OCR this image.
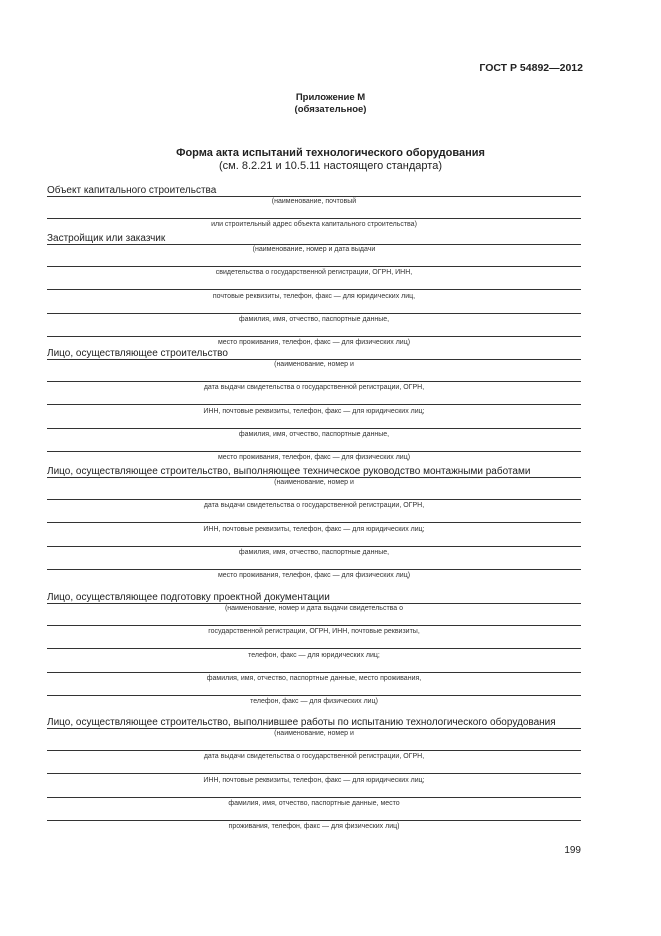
ГОСТ Р 54892—2012
Приложение М
(обязательное)
Форма акта испытаний технологического оборудования
(см. 8.2.21 и 10.5.11 настоящего стандарта)
Объект капитального строительства
(наименование, почтовый
или строительный адрес объекта капитального строительства)
Застройщик или заказчик
(наименование, номер и дата выдачи
свидетельства о государственной регистрации, ОГРН, ИНН,
почтовые реквизиты, телефон, факс — для юридических лиц,
фамилия, имя, отчество, паспортные данные,
место проживания, телефон, факс — для физических лиц)
Лицо, осуществляющее строительство
(наименование, номер и
дата выдачи свидетельства о государственной регистрации, ОГРН,
ИНН, почтовые реквизиты, телефон, факс — для юридических лиц;
фамилия, имя, отчество, паспортные данные,
место проживания, телефон, факс — для физических лиц)
Лицо, осуществляющее строительство, выполняющее техническое руководство монтажными работами
(наименование, номер и
дата выдачи свидетельства о государственной регистрации, ОГРН,
ИНН, почтовые реквизиты, телефон, факс — для юридических лиц;
фамилия, имя, отчество, паспортные данные,
место проживания, телефон, факс — для физических лиц)
Лицо, осуществляющее подготовку проектной документации
(наименование, номер и дата выдачи свидетельства о
государственной регистрации, ОГРН, ИНН, почтовые реквизиты,
телефон, факс — для юридических лиц;
фамилия, имя, отчество, паспортные данные, место проживания,
телефон, факс — для физических лиц)
Лицо, осуществляющее строительство, выполнившее работы по испытанию технологического оборудования
(наименование, номер и
дата выдачи свидетельства о государственной регистрации, ОГРН,
ИНН, почтовые реквизиты, телефон, факс — для юридических лиц;
фамилия, имя, отчество, паспортные данные, место
проживания, телефон, факс — для физических лиц)
199
